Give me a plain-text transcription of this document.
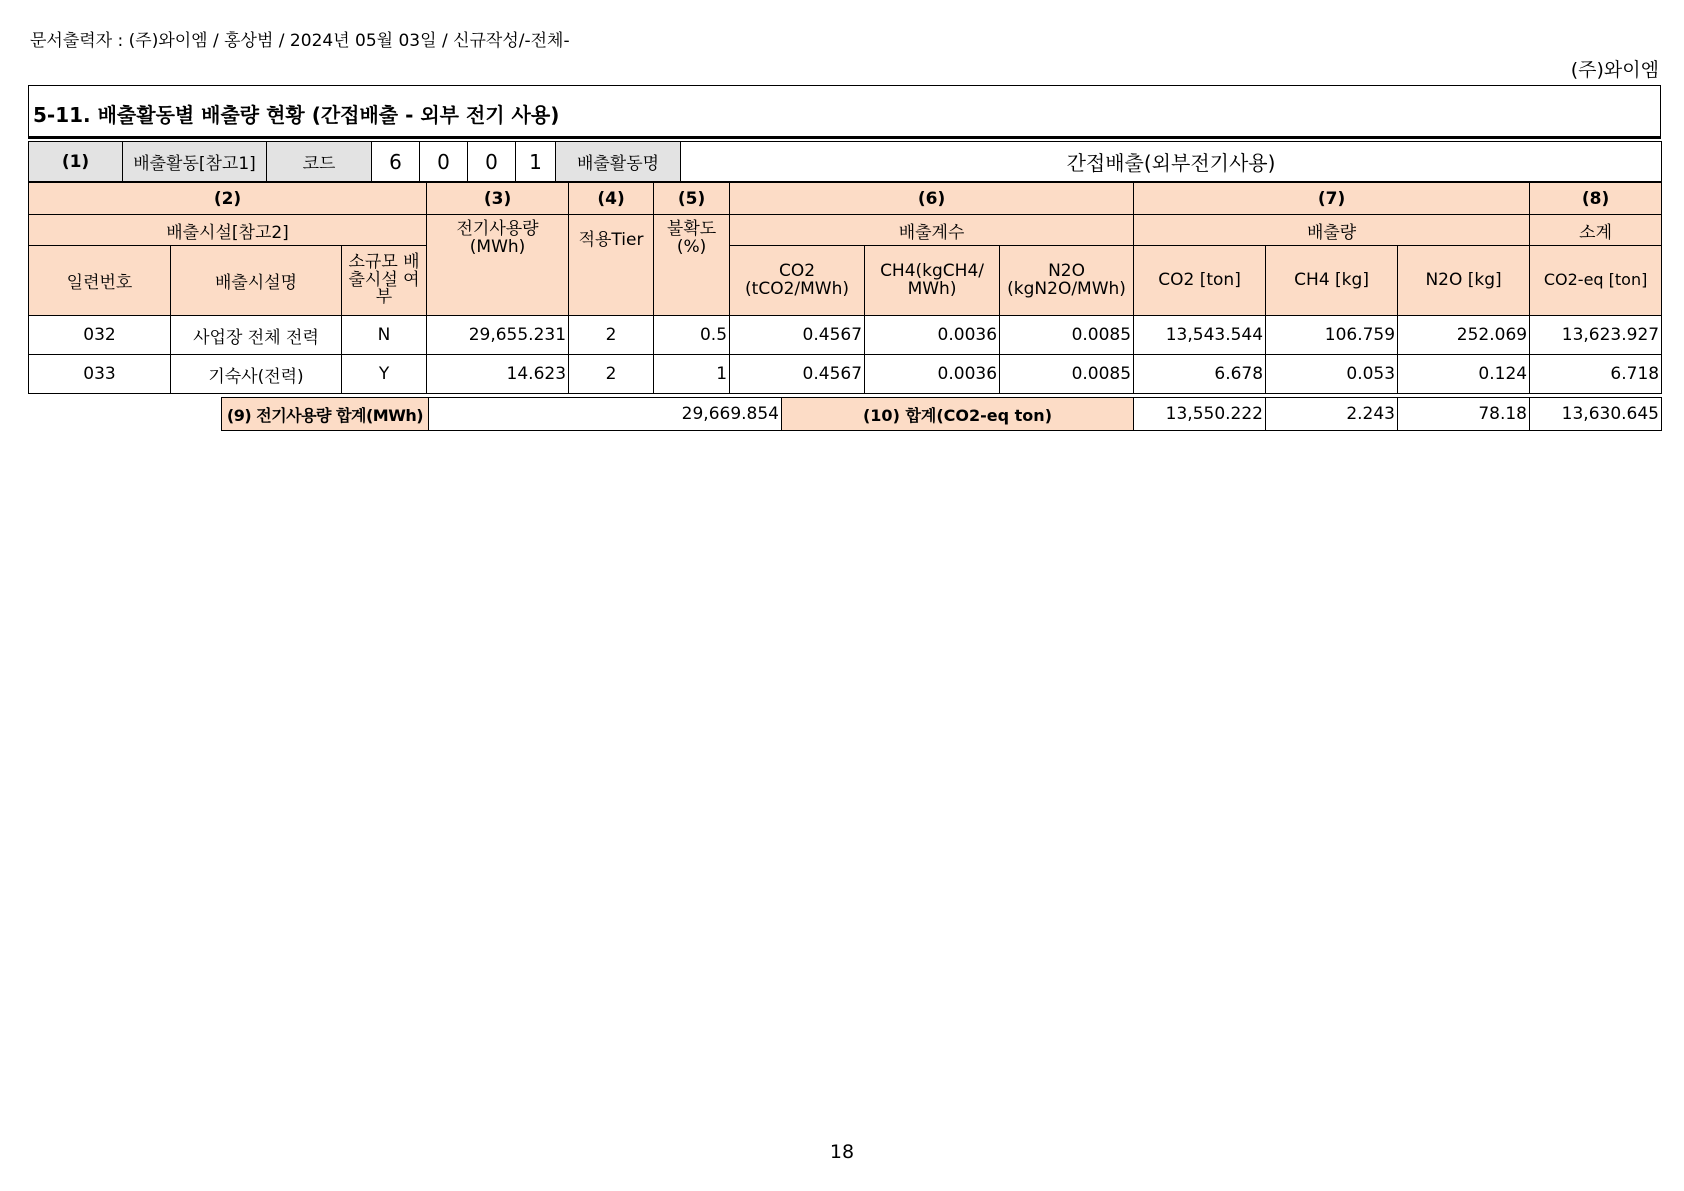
문서출력자 : (주)와이엠 / 홍상범 / 2024년 05월 03일 / 신규작성/-전체-
(주)와이엠
5-11. 배출활동별 배출량 현황 (간접배출 - 외부 전기 사용)
(1)	배출활동[참고1]	코드	6	0	0	1	배출활동명	간접배출(외부전기사용)
(2)			(3)	(4)	(5)	(6)			(7)			(8)
배출시설[참고2]			전기사용량 (MWh)	적용Tier	불확도 (%)	배출계수			배출량			소계
일련번호	배출시설명	소규모 배출시설 여부				CO2 (tCO2/MWh)	CH4(kgCH4/ MWh)	N2O (kgN2O/MWh)	CO2 [ton]	CH4 [kg]	N2O [kg]	CO2-eq [ton]
032	사업장 전체 전력	N	29,655.231	2	0.5	0.4567	0.0036	0.0085	13,543.544	106.759	252.069	13,623.927
033	기숙사(전력)	Y	14.623	2	1	0.4567	0.0036	0.0085	6.678	0.053	0.124	6.718
(9) 전기사용량 합계(MWh)	29,669.854	(10) 합계(CO2-eq ton)	13,550.222	2.243	78.18	13,630.645
18
